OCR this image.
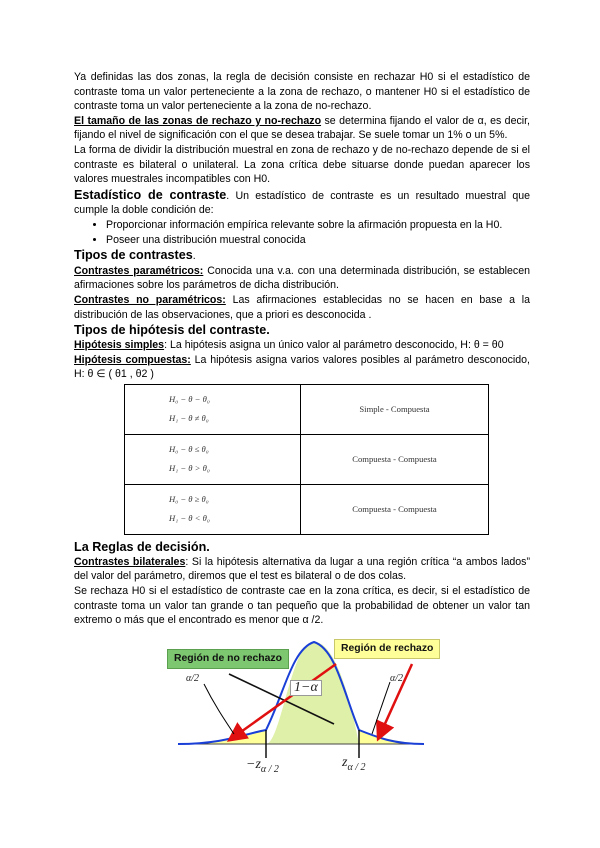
Ya definidas las dos zonas, la regla de decisión consiste en rechazar H0 si el estadístico de contraste toma un valor perteneciente a la zona de rechazo, o mantener H0 si el estadístico de contraste toma un valor perteneciente a la zona de no-rechazo.

El tamaño de las zonas de rechazo y no-rechazo se determina fijando el valor de α, es decir, fijando el nivel de significación con el que se desea trabajar. Se suele tomar un 1% o un 5%.

La forma de dividir la distribución muestral en zona de rechazo y de no-rechazo depende de si el contraste es bilateral o unilateral. La zona crítica debe situarse donde puedan aparecer los valores muestrales incompatibles con H0.

Estadístico de contraste. Un estadístico de contraste es un resultado muestral que cumple la doble condición de:

• Proporcionar información empírica relevante sobre la afirmación propuesta en la H0.
• Poseer una distribución muestral conocida

Tipos de contrastes.

Contrastes paramétricos: Conocida una v.a. con una determinada distribución, se establecen afirmaciones sobre los parámetros de dicha distribución.

Contrastes no paramétricos: Las afirmaciones establecidas no se hacen en base a la distribución de las observaciones, que a priori es desconocida .

Tipos de hipótesis del contraste.

Hipótesis simples: La hipótesis asigna un único valor al parámetro desconocido, H: θ = θ0

Hipótesis compuestas: La hipótesis asigna varios valores posibles al parámetro desconocido, H: θ ∈ ( θ1 , θ2 )

H₀ − θ − θ₀
H₁ − θ ≠ θ₀	Simple - Compuesta

H₀ − θ ≤ θ₀
H₁ − θ > θ₀	Compuesta - Compuesta

H₀ − θ ≥ θ₀
H₁ − θ < θ₀	Compuesta - Compuesta

La Reglas de decisión.

Contrastes bilaterales: Si la hipótesis alternativa da lugar a una región crítica “a ambos lados” del valor del parámetro, diremos que el test es bilateral o de dos colas.

Se rechaza H0 si el estadístico de contraste cae en la zona crítica, es decir, si el estadístico de contraste toma un valor tan grande o tan pequeño que la probabilidad de obtener un valor tan extremo o más que el encontrado es menor que α /2.

Región de no rechazo
Región de rechazo
α/2	α/2
1−α
$-z_{\alpha / 2}$	$z_{\alpha / 2}$
